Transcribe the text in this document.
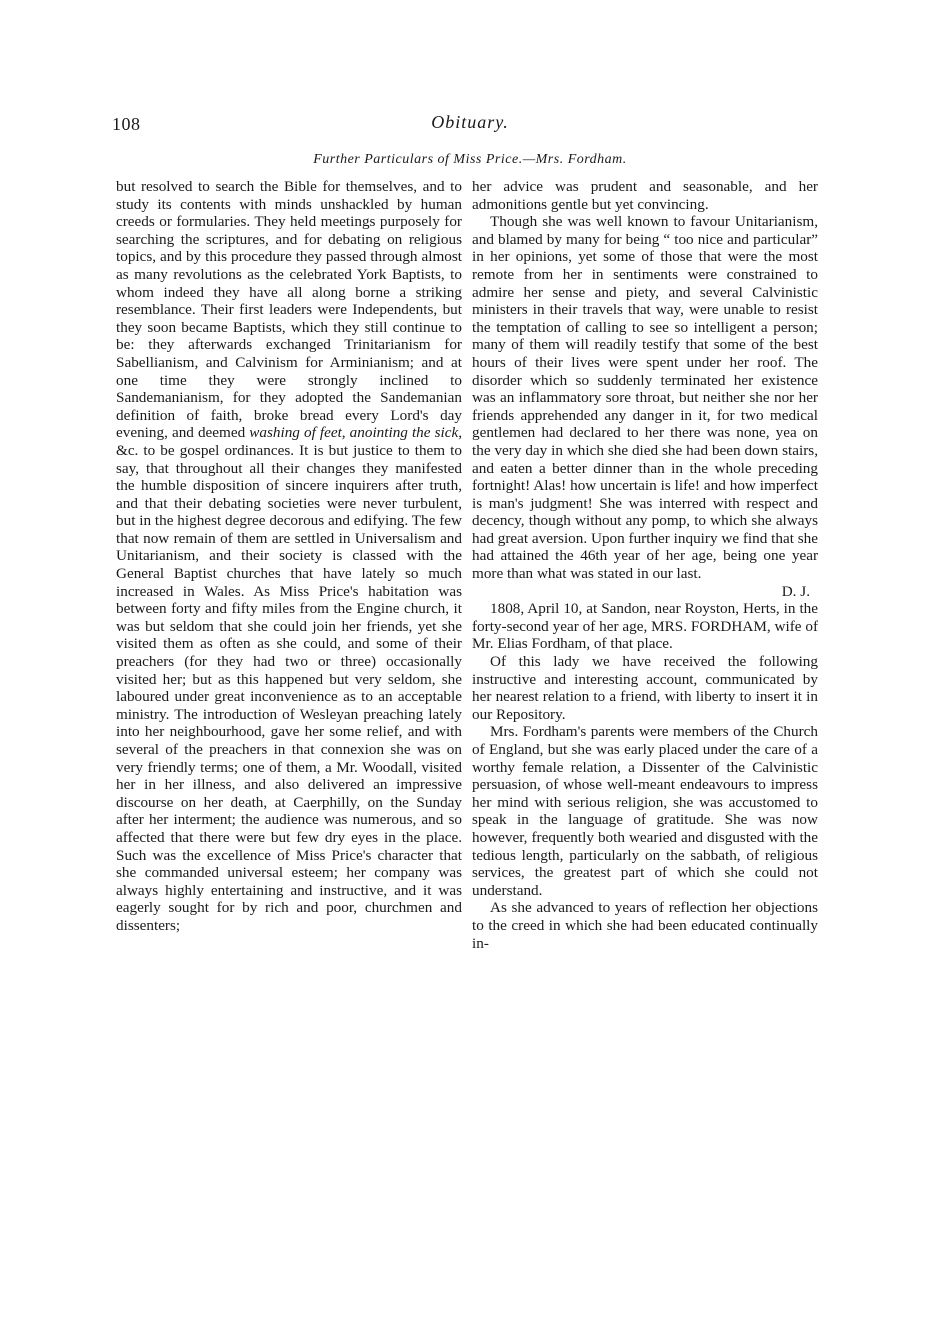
108	Obituary.
Further Particulars of Miss Price.—Mrs. Fordham.

but resolved to search the Bible for themselves, and to study its contents with minds unshackled by human creeds or formularies. They held meetings purposely for searching the scriptures, and for debating on religious topics, and by this procedure they passed through almost as many revolutions as the celebrated York Baptists, to whom indeed they have all along borne a striking resemblance. Their first leaders were Independents, but they soon became Baptists, which they still continue to be: they afterwards exchanged Trinitarianism for Sabellianism, and Calvinism for Arminianism; and at one time they were strongly inclined to Sandemanianism, for they adopted the Sandemanian definition of faith, broke bread every Lord's day evening, and deemed washing of feet, anointing the sick, &c. to be gospel ordinances. It is but justice to them to say, that throughout all their changes they manifested the humble disposition of sincere inquirers after truth, and that their debating societies were never turbulent, but in the highest degree decorous and edifying. The few that now remain of them are settled in Universalism and Unitarianism, and their society is classed with the General Baptist churches that have lately so much increased in Wales. As Miss Price's habitation was between forty and fifty miles from the Engine church, it was but seldom that she could join her friends, yet she visited them as often as she could, and some of their preachers (for they had two or three) occasionally visited her; but as this happened but very seldom, she laboured under great inconvenience as to an acceptable ministry. The introduction of Wesleyan preaching lately into her neighbourhood, gave her some relief, and with several of the preachers in that connexion she was on very friendly terms; one of them, a Mr. Woodall, visited her in her illness, and also delivered an impressive discourse on her death, at Caerphilly, on the Sunday after her interment; the audience was numerous, and so affected that there were but few dry eyes in the place. Such was the excellence of Miss Price's character that she commanded universal esteem; her company was always highly entertaining and instructive, and it was eagerly sought for by rich and poor, churchmen and dissenters;

her advice was prudent and seasonable, and her admonitions gentle but yet convincing.

Though she was well known to favour Unitarianism, and blamed by many for being “ too nice and particular” in her opinions, yet some of those that were the most remote from her in sentiments were constrained to admire her sense and piety, and several Calvinistic ministers in their travels that way, were unable to resist the temptation of calling to see so intelligent a person; many of them will readily testify that some of the best hours of their lives were spent under her roof. The disorder which so suddenly terminated her existence was an inflammatory sore throat, but neither she nor her friends apprehended any danger in it, for two medical gentlemen had declared to her there was none, yea on the very day in which she died she had been down stairs, and eaten a better dinner than in the whole preceding fortnight! Alas! how uncertain is life! and how imperfect is man's judgment! She was interred with respect and decency, though without any pomp, to which she always had great aversion. Upon further inquiry we find that she had attained the 46th year of her age, being one year more than what was stated in our last.

D. J.

1808, April 10, at Sandon, near Royston, Herts, in the forty-second year of her age, MRS. FORDHAM, wife of Mr. Elias Fordham, of that place.

Of this lady we have received the following instructive and interesting account, communicated by her nearest relation to a friend, with liberty to insert it in our Repository.

Mrs. Fordham's parents were members of the Church of England, but she was early placed under the care of a worthy female relation, a Dissenter of the Calvinistic persuasion, of whose well-meant endeavours to impress her mind with serious religion, she was accustomed to speak in the language of gratitude. She was now however, frequently both wearied and disgusted with the tedious length, particularly on the sabbath, of religious services, the greatest part of which she could not understand.

As she advanced to years of reflection her objections to the creed in which she had been educated continually in-
